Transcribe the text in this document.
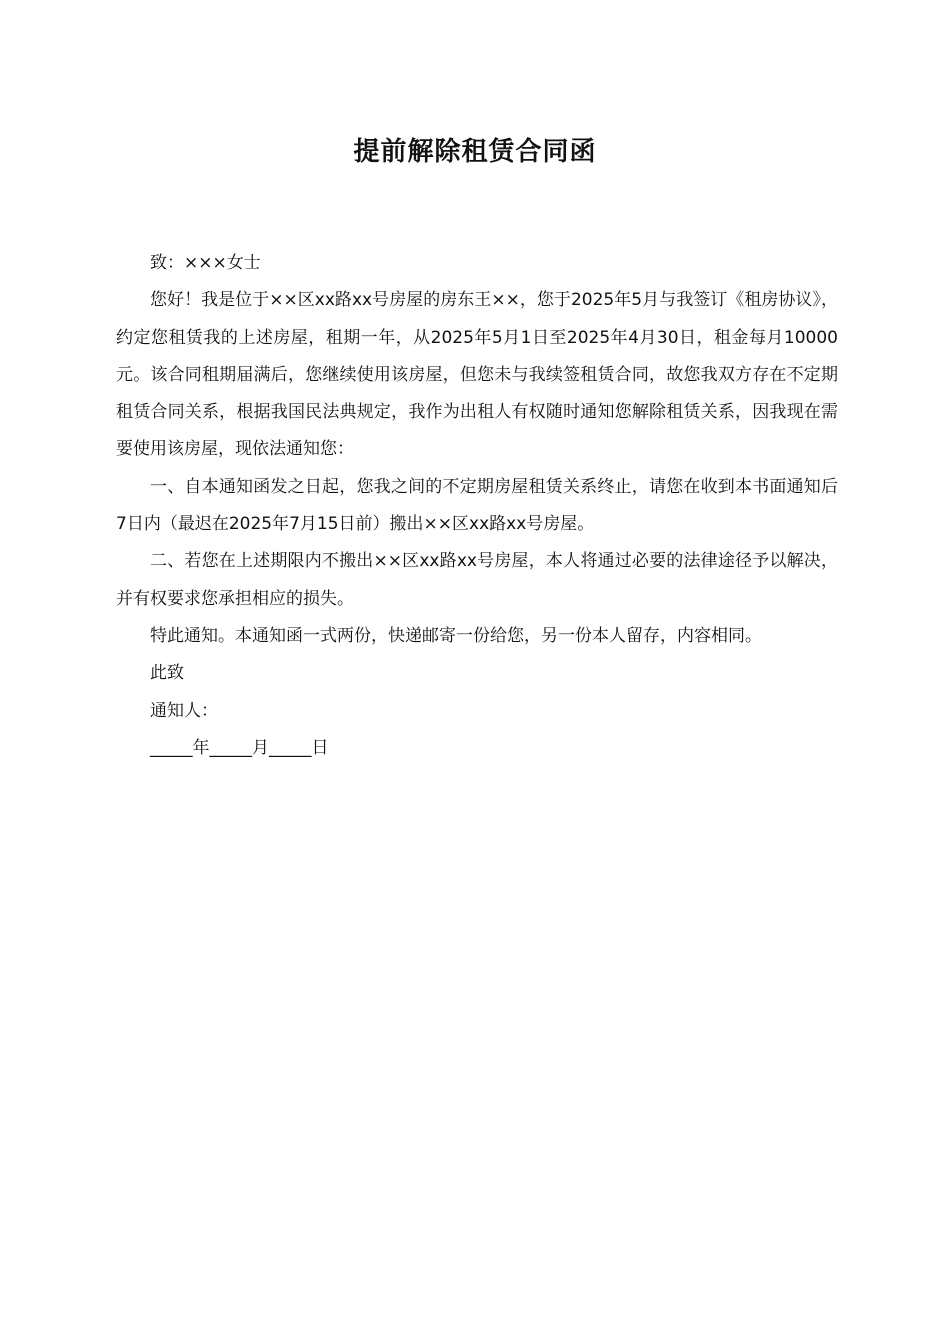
提前解除租赁合同函

致：×××女士

您好！我是位于××区xx路xx号房屋的房东王××，您于2025年5月与我签订《租房协议》，约定您租赁我的上述房屋，租期一年，从2025年5月1日至2025年4月30日，租金每月10000元。该合同租期届满后，您继续使用该房屋，但您未与我续签租赁合同，故您我双方存在不定期租赁合同关系，根据我国民法典规定，我作为出租人有权随时通知您解除租赁关系，因我现在需要使用该房屋，现依法通知您：

一、自本通知函发之日起，您我之间的不定期房屋租赁关系终止，请您在收到本书面通知后7日内（最迟在2025年7月15日前）搬出××区xx路xx号房屋。

二、若您在上述期限内不搬出××区xx路xx号房屋，本人将通过必要的法律途径予以解决，并有权要求您承担相应的损失。

特此通知。本通知函一式两份，快递邮寄一份给您，另一份本人留存，内容相同。

此致

通知人：

_____年_____月_____日
